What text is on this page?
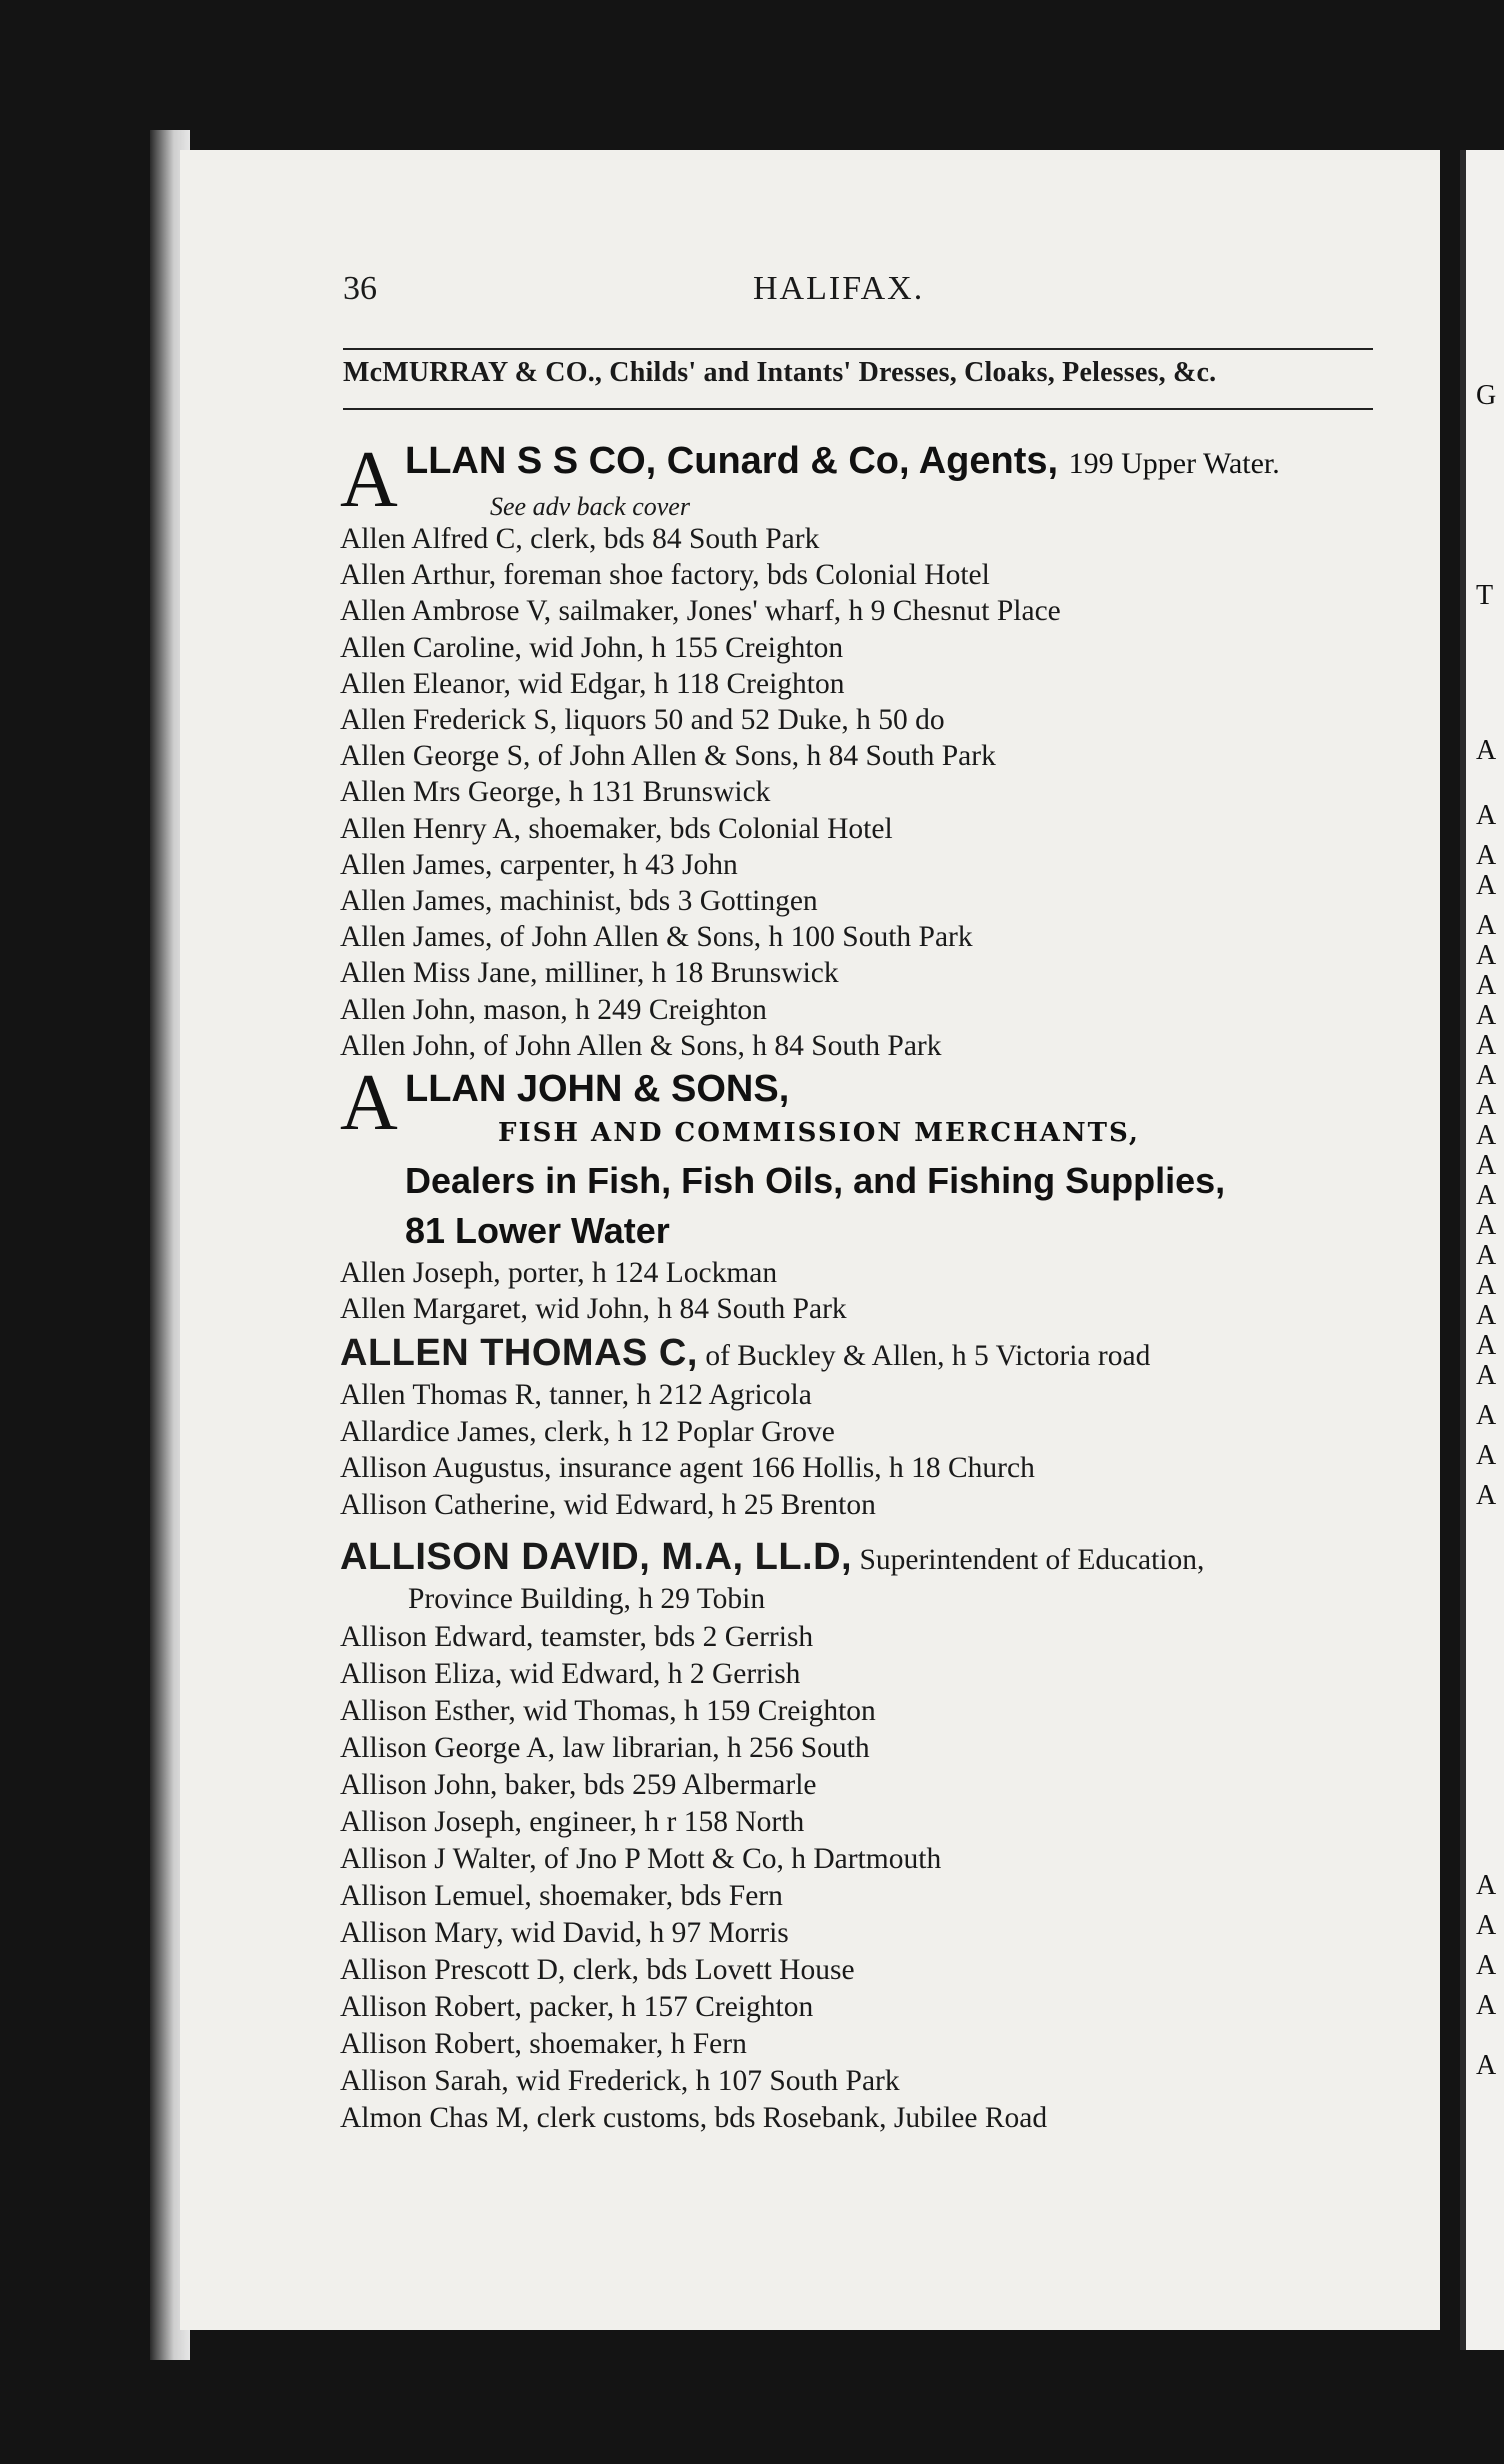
G
T
A
A
A
A
A
A
A
A
A
A
A
A
A
A
A
A
A
A
A
A
A
A
A
A
A
A
A
A
36	HALIFAX.
McMURRAY & CO., Childs' and Intants' Dresses, Cloaks, Pelesses, &c.
A LLAN S S CO, Cunard & Co, Agents, 199 Upper Water.
See adv back cover
Allen Alfred C, clerk, bds 84 South Park
Allen Arthur, foreman shoe factory, bds Colonial Hotel
Allen Ambrose V, sailmaker, Jones' wharf, h 9 Chesnut Place
Allen Caroline, wid John, h 155 Creighton
Allen Eleanor, wid Edgar, h 118 Creighton
Allen Frederick S, liquors 50 and 52 Duke, h 50 do
Allen George S, of John Allen & Sons, h 84 South Park
Allen Mrs George, h 131 Brunswick
Allen Henry A, shoemaker, bds Colonial Hotel
Allen James, carpenter, h 43 John
Allen James, machinist, bds 3 Gottingen
Allen James, of John Allen & Sons, h 100 South Park
Allen Miss Jane, milliner, h 18 Brunswick
Allen John, mason, h 249 Creighton
Allen John, of John Allen & Sons, h 84 South Park
A LLAN JOHN & SONS,
FISH AND COMMISSION MERCHANTS,
Dealers in Fish, Fish Oils, and Fishing Supplies,
81 Lower Water
Allen Joseph, porter, h 124 Lockman
Allen Margaret, wid John, h 84 South Park
ALLEN THOMAS C, of Buckley & Allen, h 5 Victoria road
Allen Thomas R, tanner, h 212 Agricola
Allardice James, clerk, h 12 Poplar Grove
Allison Augustus, insurance agent 166 Hollis, h 18 Church
Allison Catherine, wid Edward, h 25 Brenton
ALLISON DAVID, M.A, LL.D, Superintendent of Education,
Province Building, h 29 Tobin
Allison Edward, teamster, bds 2 Gerrish
Allison Eliza, wid Edward, h 2 Gerrish
Allison Esther, wid Thomas, h 159 Creighton
Allison George A, law librarian, h 256 South
Allison John, baker, bds 259 Albermarle
Allison Joseph, engineer, h r 158 North
Allison J Walter, of Jno P Mott & Co, h Dartmouth
Allison Lemuel, shoemaker, bds Fern
Allison Mary, wid David, h 97 Morris
Allison Prescott D, clerk, bds Lovett House
Allison Robert, packer, h 157 Creighton
Allison Robert, shoemaker, h Fern
Allison Sarah, wid Frederick, h 107 South Park
Almon Chas M, clerk customs, bds Rosebank, Jubilee Road
